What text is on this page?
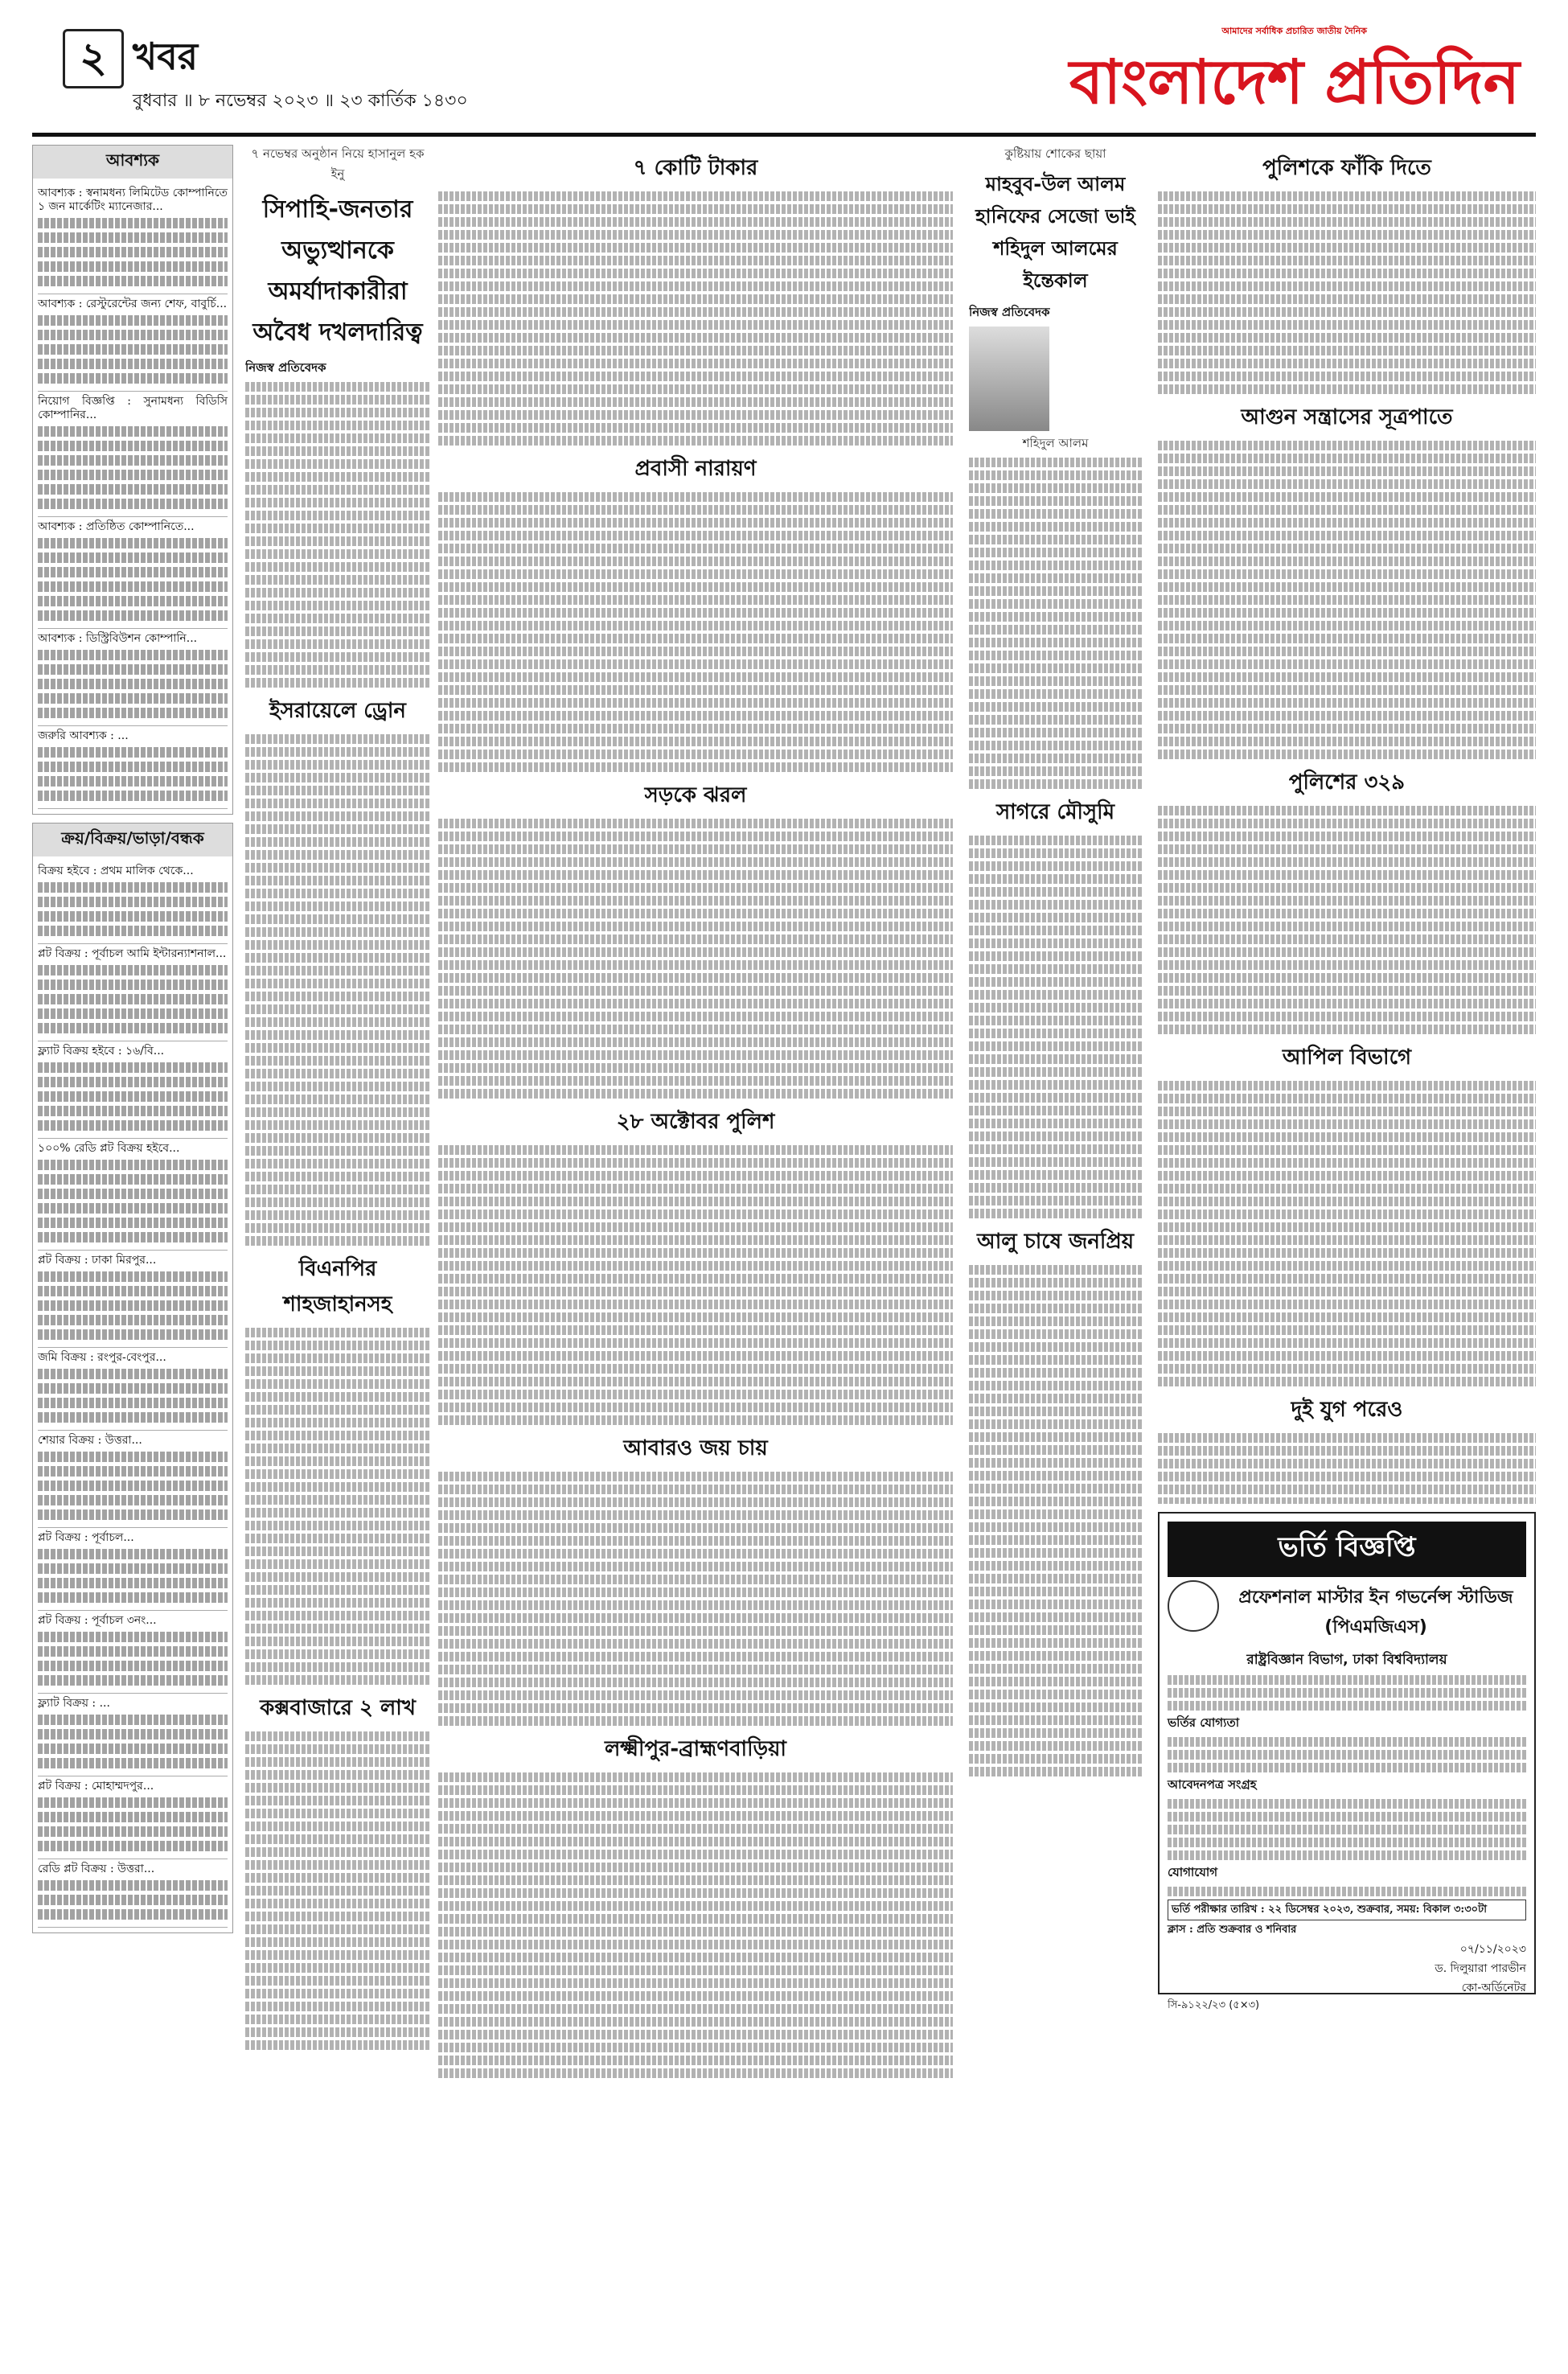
২ খবর
বুধবার ॥ ৮ নভেম্বর ২০২৩ ॥ ২৩ কার্তিক ১৪৩০
আমাদের সর্বাধিক প্রচারিত জাতীয় দৈনিক
বাংলাদেশ প্রতিদিন
আবশ্যক

আবশ্যক : স্বনামধন্য লিমিটেড কোম্পানিতে ১ জন মার্কেটিং ম্যানেজার...

আবশ্যক : রেস্টুরেন্টের জন্য শেফ, বাবুর্চি...

নিয়োগ বিজ্ঞপ্তি : সুনামধন্য বিডিসি কোম্পানির...

আবশ্যক : প্রতিষ্ঠিত কোম্পানিতে...

আবশ্যক : ডিস্ট্রিবিউশন কোম্পানি...

জরুরি আবশ্যক : ...

ক্রয়/বিক্রয়/ভাড়া/বন্ধক

বিক্রয় হইবে : প্রথম মালিক থেকে...

প্লট বিক্রয় : পূর্বাচল আমি ইন্টারন্যাশনাল...

ফ্ল্যাট বিক্রয় হইবে : ১৬/বি...

১০০% রেডি প্লট বিক্রয় হইবে...

প্লট বিক্রয় : ঢাকা মিরপুর...

জমি বিক্রয় : রংপুর-বেংপুর...

শেয়ার বিক্রয় : উত্তরা...

প্লট বিক্রয় : পূর্বাচল...

প্লট বিক্রয় : পূর্বাচল ৩নং...

ফ্ল্যাট বিক্রয় : ...

প্লট বিক্রয় : মোহাম্মদপুর...

রেডি প্লট বিক্রয় : উত্তরা...

৭ নভেম্বর অনুষ্ঠান নিয়ে হাসানুল হক ইনু
সিপাহি-জনতার অভ্যুত্থানকে অমর্যাদাকারীরা অবৈধ দখলদারিত্ব
নিজস্ব প্রতিবেদক
ইসরায়েলে ড্রোন
বিএনপির শাহজাহানসহ
কক্সবাজারে ২ লাখ
৭ কোটি টাকার
প্রবাসী নারায়ণ
সড়কে ঝরল
২৮ অক্টোবর পুলিশ
আবারও জয় চায়
লক্ষ্মীপুর-ব্রাহ্মণবাড়িয়া
কুষ্টিয়ায় শোকের ছায়া
মাহবুব-উল আলম হানিফের সেজো ভাই শহিদুল আলমের ইন্তেকাল
নিজস্ব প্রতিবেদক
শহিদুল আলম
সাগরে মৌসুমি
আলু চাষে জনপ্রিয়
পুলিশকে ফাঁকি দিতে
আগুন সন্ত্রাসের সূত্রপাতে
পুলিশের ৩২৯
আপিল বিভাগে
দুই যুগ পরেও
ভর্তি বিজ্ঞপ্তি
প্রফেশনাল মাস্টার ইন গভর্নেন্স স্টাডিজ (পিএমজিএস)
রাষ্ট্রবিজ্ঞান বিভাগ, ঢাকা বিশ্ববিদ্যালয়
ভর্তির যোগ্যতা
আবেদনপত্র সংগ্রহ
যোগাযোগ

ভর্তি পরীক্ষার তারিখ : ২২ ডিসেম্বর ২০২৩, শুক্রবার, সময়: বিকাল ৩:৩০টা

ক্লাস : প্রতি শুক্রবার ও শনিবার

০৭/১১/২০২৩
ড. দিলুয়ারা পারভীন
কো-অর্ডিনেটর
সি-৯১২২/২৩ (৫×৩)
